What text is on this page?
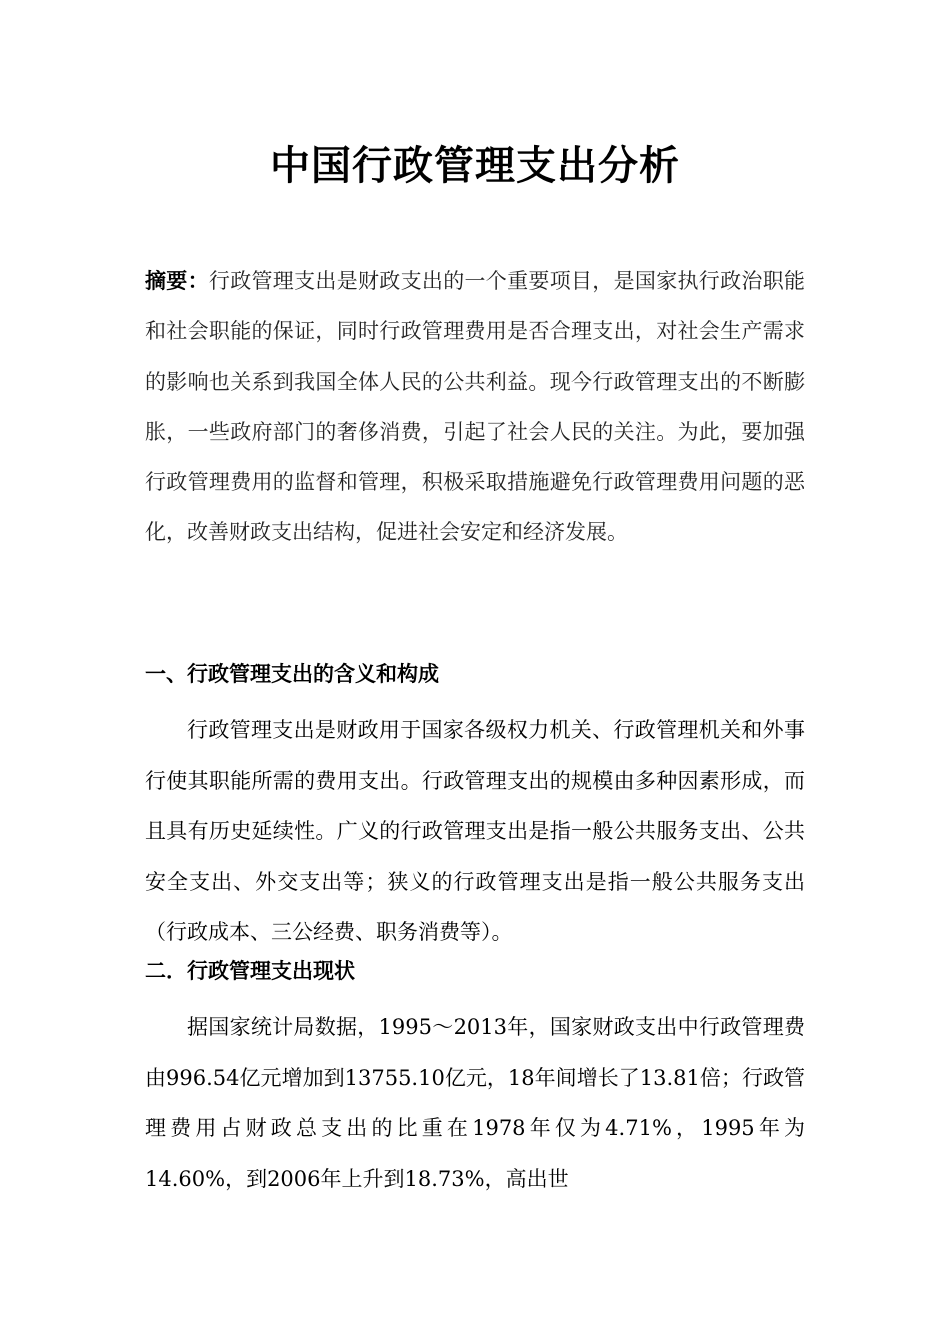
中国行政管理支出分析
摘要：行政管理支出是财政支出的一个重要项目，是国家执行政治职能和社会职能的保证，同时行政管理费用是否合理支出，对社会生产需求的影响也关系到我国全体人民的公共利益。现今行政管理支出的不断膨胀，一些政府部门的奢侈消费，引起了社会人民的关注。为此，要加强行政管理费用的监督和管理，积极采取措施避免行政管理费用问题的恶化，改善财政支出结构，促进社会安定和经济发展。
一、行政管理支出的含义和构成
行政管理支出是财政用于国家各级权力机关、行政管理机关和外事行使其职能所需的费用支出。行政管理支出的规模由多种因素形成，而且具有历史延续性。广义的行政管理支出是指一般公共服务支出、公共安全支出、外交支出等；狭义的行政管理支出是指一般公共服务支出（行政成本、三公经费、职务消费等）。
二．行政管理支出现状
据国家统计局数据，1995～2013年，国家财政支出中行政管理费由996.54亿元增加到13755.10亿元，18年间增长了13.81倍；行政管理费用占财政总支出的比重在1978年仅为4.71%，1995年为14.60%，到2006年上升到18.73%，高出世
